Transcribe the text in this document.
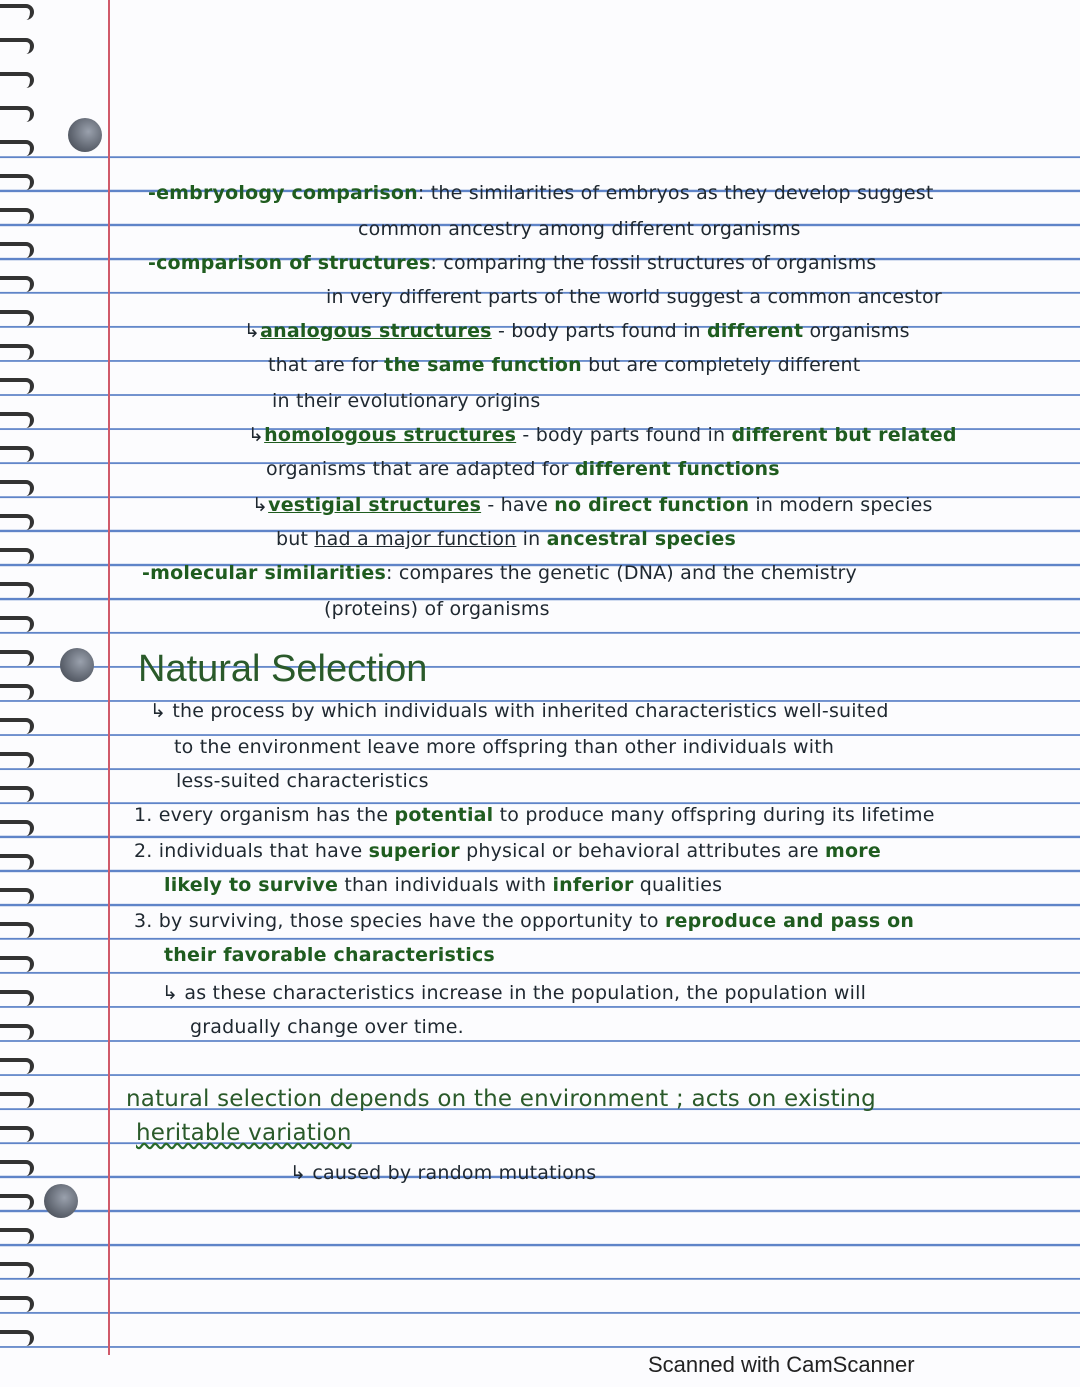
-embryology comparison: the similarities of embryos as they develop suggest
common ancestry among different organisms
-comparison of structures: comparing the fossil structures of organisms
in very different parts of the world suggest a common ancestor
↳analogous structures - body parts found in different organisms
that are for the same function but are completely different
in their evolutionary origins
↳homologous structures - body parts found in different but related
organisms that are adapted for different functions
↳vestigial structures - have no direct function in modern species
but had a major function in ancestral species
-molecular similarities: compares the genetic (DNA) and the chemistry
(proteins) of organisms
Natural Selection
↳ the process by which individuals with inherited characteristics well-suited
to the environment leave more offspring than other individuals with
less-suited characteristics
1. every organism has the potential to produce many offspring during its lifetime
2. individuals that have superior physical or behavioral attributes are more
likely to survive than individuals with inferior qualities
3. by surviving, those species have the opportunity to reproduce and pass on
their favorable characteristics
↳ as these characteristics increase in the population, the population will
gradually change over time.
natural selection depends on the environment ; acts on existing
heritable variation
↳ caused by random mutations
Scanned with CamScanner
